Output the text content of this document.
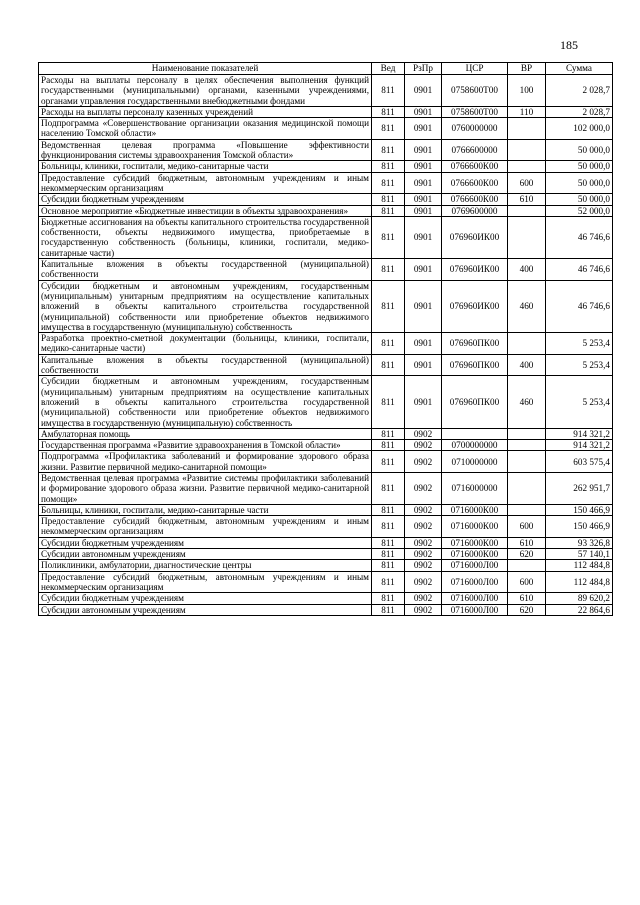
185
Наименование показателей	Вед	РзПр	ЦСР	ВР	Сумма
Расходы на выплаты персоналу в целях обеспечения выполнения функций государственными (муниципальными) органами, казенными учреждениями, органами управления государственными внебюджетными фондами	811	0901	0758600Т00	100	2 028,7
Расходы на выплаты персоналу казенных учреждений	811	0901	0758600Т00	110	2 028,7
Подпрограмма «Совершенствование организации оказания медицинской помощи населению Томской области»	811	0901	0760000000		102 000,0
Ведомственная целевая программа «Повышение эффективности функционирования системы здравоохранения Томской области»	811	0901	0766600000		50 000,0
Больницы, клиники, госпитали, медико-санитарные части	811	0901	0766600К00		50 000,0
Предоставление субсидий бюджетным, автономным учреждениям и иным некоммерческим организациям	811	0901	0766600К00	600	50 000,0
Субсидии бюджетным учреждениям	811	0901	0766600К00	610	50 000,0
Основное мероприятие «Бюджетные инвестиции в объекты здравоохранения»	811	0901	0769600000		52 000,0
Бюджетные ассигнования на объекты капитального строительства государственной собственности, объекты недвижимого имущества, приобретаемые в государственную собственность (больницы, клиники, госпитали, медико-санитарные части)	811	0901	076960ИК00		46 746,6
Капитальные вложения в объекты государственной (муниципальной) собственности	811	0901	076960ИК00	400	46 746,6
Субсидии бюджетным и автономным учреждениям, государственным (муниципальным) унитарным предприятиям на осуществление капитальных вложений в объекты капитального строительства государственной (муниципальной) собственности или приобретение объектов недвижимого имущества в государственную (муниципальную) собственность	811	0901	076960ИК00	460	46 746,6
Разработка проектно-сметной документации (больницы, клиники, госпитали, медико-санитарные части)	811	0901	076960ПК00		5 253,4
Капитальные вложения в объекты государственной (муниципальной) собственности	811	0901	076960ПК00	400	5 253,4
Субсидии бюджетным и автономным учреждениям, государственным (муниципальным) унитарным предприятиям на осуществление капитальных вложений в объекты капитального строительства государственной (муниципальной) собственности или приобретение объектов недвижимого имущества в государственную (муниципальную) собственность	811	0901	076960ПК00	460	5 253,4
Амбулаторная помощь	811	0902			914 321,2
Государственная программа «Развитие здравоохранения в Томской области»	811	0902	0700000000		914 321,2
Подпрограмма «Профилактика заболеваний и формирование здорового образа жизни. Развитие первичной медико-санитарной помощи»	811	0902	0710000000		603 575,4
Ведомственная целевая программа «Развитие системы профилактики заболеваний и формирование здорового образа жизни. Развитие первичной медико-санитарной помощи»	811	0902	0716000000		262 951,7
Больницы, клиники, госпитали, медико-санитарные части	811	0902	0716000К00		150 466,9
Предоставление субсидий бюджетным, автономным учреждениям и иным некоммерческим организациям	811	0902	0716000К00	600	150 466,9
Субсидии бюджетным учреждениям	811	0902	0716000К00	610	93 326,8
Субсидии автономным учреждениям	811	0902	0716000К00	620	57 140,1
Поликлиники, амбулатории, диагностические центры	811	0902	0716000Л00		112 484,8
Предоставление субсидий бюджетным, автономным учреждениям и иным некоммерческим организациям	811	0902	0716000Л00	600	112 484,8
Субсидии бюджетным учреждениям	811	0902	0716000Л00	610	89 620,2
Субсидии автономным учреждениям	811	0902	0716000Л00	620	22 864,6
